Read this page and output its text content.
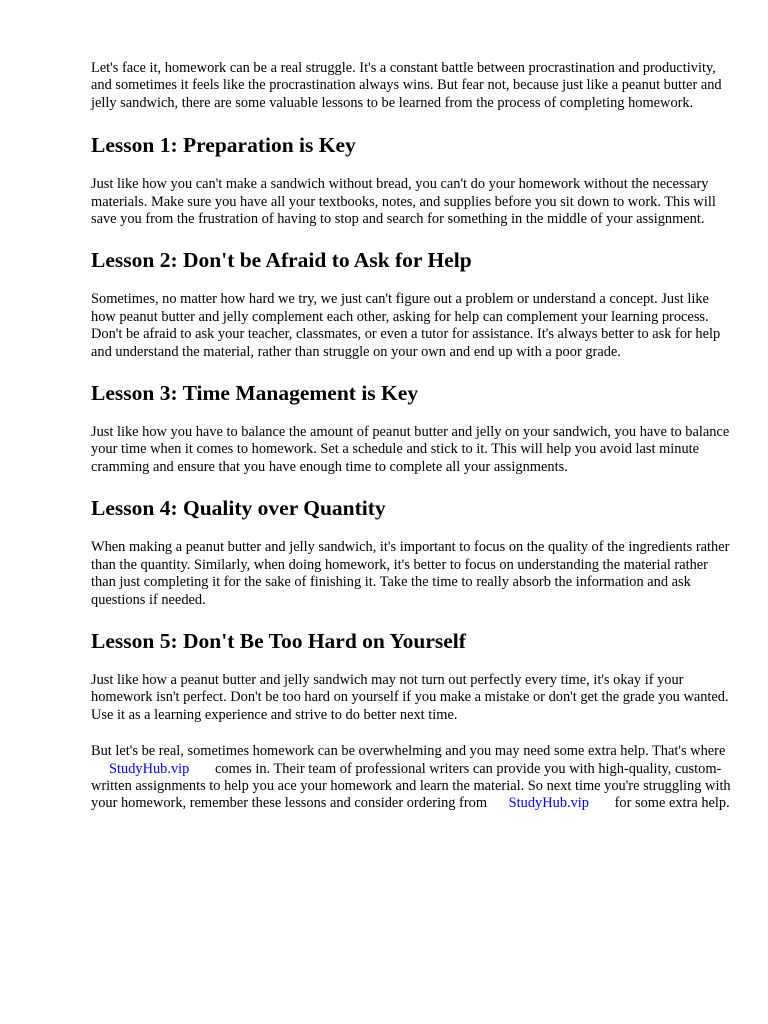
Let's face it, homework can be a real struggle. It's a constant battle between procrastination and productivity, and sometimes it feels like the procrastination always wins. But fear not, because just like a peanut butter and jelly sandwich, there are some valuable lessons to be learned from the process of completing homework.

Lesson 1: Preparation is Key

Just like how you can't make a sandwich without bread, you can't do your homework without the necessary materials. Make sure you have all your textbooks, notes, and supplies before you sit down to work. This will save you from the frustration of having to stop and search for something in the middle of your assignment.

Lesson 2: Don't be Afraid to Ask for Help

Sometimes, no matter how hard we try, we just can't figure out a problem or understand a concept. Just like how peanut butter and jelly complement each other, asking for help can complement your learning process. Don't be afraid to ask your teacher, classmates, or even a tutor for assistance. It's always better to ask for help and understand the material, rather than struggle on your own and end up with a poor grade.

Lesson 3: Time Management is Key

Just like how you have to balance the amount of peanut butter and jelly on your sandwich, you have to balance your time when it comes to homework. Set a schedule and stick to it. This will help you avoid last minute cramming and ensure that you have enough time to complete all your assignments.

Lesson 4: Quality over Quantity

When making a peanut butter and jelly sandwich, it's important to focus on the quality of the ingredients rather than the quantity. Similarly, when doing homework, it's better to focus on understanding the material rather than just completing it for the sake of finishing it. Take the time to really absorb the information and ask questions if needed.

Lesson 5: Don't Be Too Hard on Yourself

Just like how a peanut butter and jelly sandwich may not turn out perfectly every time, it's okay if your homework isn't perfect. Don't be too hard on yourself if you make a mistake or don't get the grade you wanted. Use it as a learning experience and strive to do better next time.

But let's be real, sometimes homework can be overwhelming and you may need some extra help. That's where StudyHub.vip comes in. Their team of professional writers can provide you with high-quality, custom-written assignments to help you ace your homework and learn the material. So next time you're struggling with your homework, remember these lessons and consider ordering from StudyHub.vip for some extra help.
